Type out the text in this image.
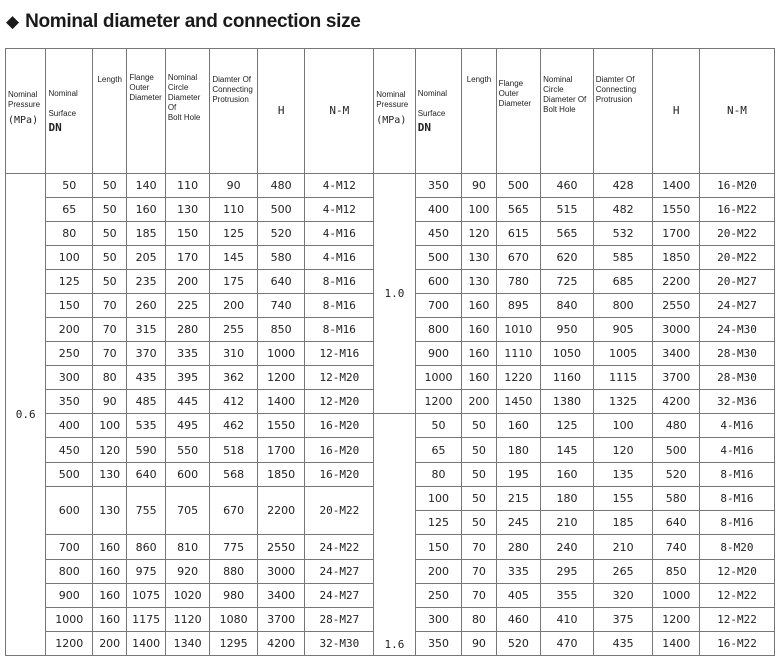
◆ Nominal diameter and connection size
Nominal
Pressure
(MPa)	Nominal

Surface
DN	Length	Flange
Outer
Diameter	Nominal
Circle
Diameter Of
Bolt Hole	Diamter Of
Connecting
Protrusion	H	N-M	Nominal
Pressure
(MPa)	Nominal

Surface
DN	Length	Flange
Outer
Diameter	Nominal
Circle
Diameter Of
Bolt Hole	Diamter Of
Connecting
Protrusion	H	N-M
0.6	50	50	140	110	90	480	4-M12	1.0	350	90	500	460	428	1400	16-M20
	65	50	160	130	110	500	4-M12		400	100	565	515	482	1550	16-M22
	80	50	185	150	125	520	4-M16		450	120	615	565	532	1700	20-M22
	100	50	205	170	145	580	4-M16		500	130	670	620	585	1850	20-M22
	125	50	235	200	175	640	8-M16		600	130	780	725	685	2200	20-M27
	150	70	260	225	200	740	8-M16		700	160	895	840	800	2550	24-M27
	200	70	315	280	255	850	8-M16		800	160	1010	950	905	3000	24-M30
	250	70	370	335	310	1000	12-M16		900	160	1110	1050	1005	3400	28-M30
	300	80	435	395	362	1200	12-M20		1000	160	1220	1160	1115	3700	28-M30
	350	90	485	445	412	1400	12-M20		1200	200	1450	1380	1325	4200	32-M36
	400	100	535	495	462	1550	16-M20	1.6	50	50	160	125	100	480	4-M16
	450	120	590	550	518	1700	16-M20		65	50	180	145	120	500	4-M16
	500	130	640	600	568	1850	16-M20		80	50	195	160	135	520	8-M16
	600	130	755	705	670	2200	20-M22		100	50	215	180	155	580	8-M16
									125	50	245	210	185	640	8-M16
	700	160	860	810	775	2550	24-M22		150	70	280	240	210	740	8-M20
	800	160	975	920	880	3000	24-M27		200	70	335	295	265	850	12-M20
	900	160	1075	1020	980	3400	24-M27		250	70	405	355	320	1000	12-M22
	1000	160	1175	1120	1080	3700	28-M27		300	80	460	410	375	1200	12-M22
	1200	200	1400	1340	1295	4200	32-M30		350	90	520	470	435	1400	16-M22
